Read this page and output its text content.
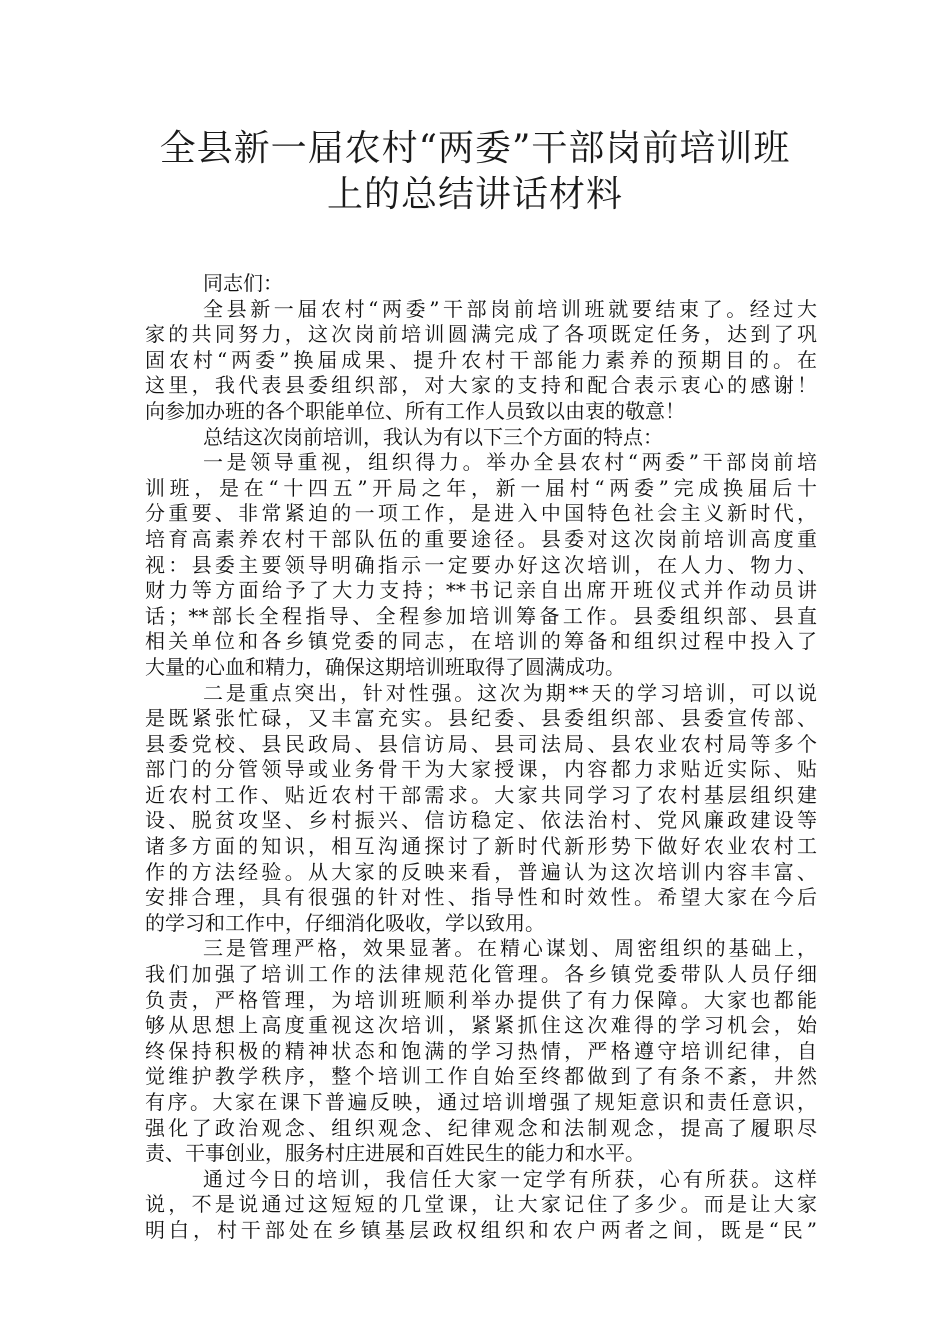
全县新一届农村“两委”干部岗前培训班
上的总结讲话材料
同志们：
全县新一届农村“两委”干部岗前培训班就要结束了。经过大
家的共同努力，这次岗前培训圆满完成了各项既定任务，达到了巩
固农村“两委”换届成果、提升农村干部能力素养的预期目的。在
这里，我代表县委组织部，对大家的支持和配合表示衷心的感谢！
向参加办班的各个职能单位、所有工作人员致以由衷的敬意！
总结这次岗前培训，我认为有以下三个方面的特点：
一是领导重视，组织得力。举办全县农村“两委”干部岗前培
训班，是在“十四五”开局之年，新一届村“两委”完成换届后十
分重要、非常紧迫的一项工作，是进入中国特色社会主义新时代，
培育高素养农村干部队伍的重要途径。县委对这次岗前培训高度重
视：县委主要领导明确指示一定要办好这次培训，在人力、物力、
财力等方面给予了大力支持；**书记亲自出席开班仪式并作动员讲
话；**部长全程指导、全程参加培训筹备工作。县委组织部、县直
相关单位和各乡镇党委的同志，在培训的筹备和组织过程中投入了
大量的心血和精力，确保这期培训班取得了圆满成功。
二是重点突出，针对性强。这次为期**天的学习培训，可以说
是既紧张忙碌，又丰富充实。县纪委、县委组织部、县委宣传部、
县委党校、县民政局、县信访局、县司法局、县农业农村局等多个
部门的分管领导或业务骨干为大家授课，内容都力求贴近实际、贴
近农村工作、贴近农村干部需求。大家共同学习了农村基层组织建
设、脱贫攻坚、乡村振兴、信访稳定、依法治村、党风廉政建设等
诸多方面的知识，相互沟通探讨了新时代新形势下做好农业农村工
作的方法经验。从大家的反映来看，普遍认为这次培训内容丰富、
安排合理，具有很强的针对性、指导性和时效性。希望大家在今后
的学习和工作中，仔细消化吸收，学以致用。
三是管理严格，效果显著。在精心谋划、周密组织的基础上，
我们加强了培训工作的法律规范化管理。各乡镇党委带队人员仔细
负责，严格管理，为培训班顺利举办提供了有力保障。大家也都能
够从思想上高度重视这次培训，紧紧抓住这次难得的学习机会，始
终保持积极的精神状态和饱满的学习热情，严格遵守培训纪律，自
觉维护教学秩序，整个培训工作自始至终都做到了有条不紊，井然
有序。大家在课下普遍反映，通过培训增强了规矩意识和责任意识，
强化了政治观念、组织观念、纪律观念和法制观念，提高了履职尽
责、干事创业，服务村庄进展和百姓民生的能力和水平。
通过今日的培训，我信任大家一定学有所获，心有所获。这样
说，不是说通过这短短的几堂课，让大家记住了多少。而是让大家
明白，村干部处在乡镇基层政权组织和农户两者之间，既是“民”
